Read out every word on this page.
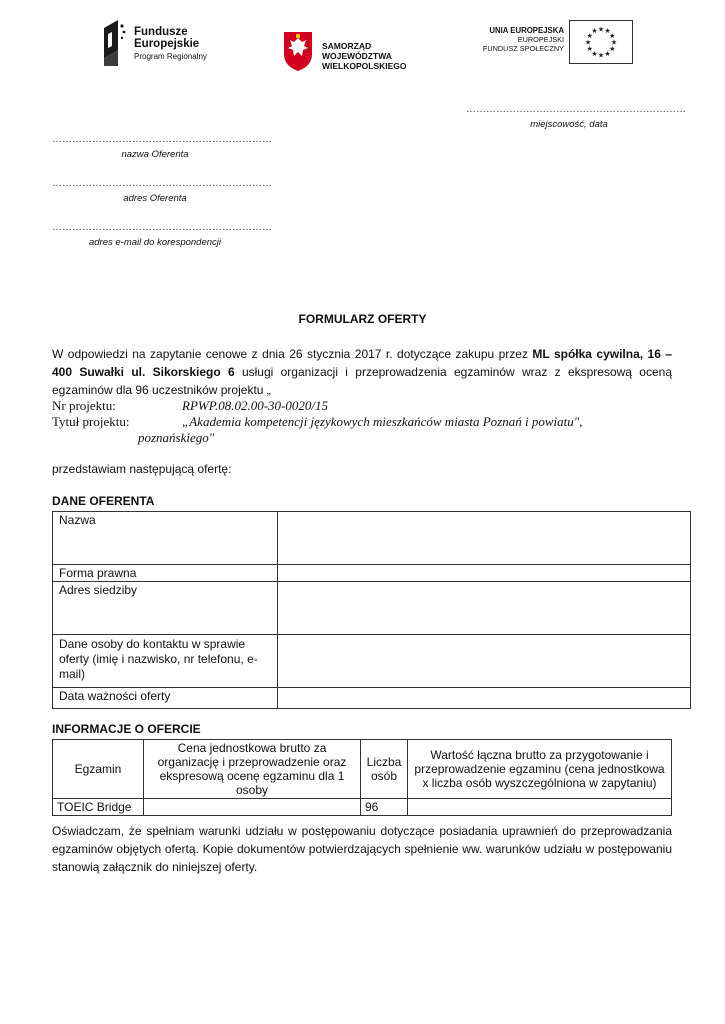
Fundusze
Europejskie
Program Regionalny
SAMORZĄD WOJEWÓDZTWA
WIELKOPOLSKIEGO
UNIA EUROPEJSKA
EUROPEJSKI
FUNDUSZ SPOŁECZNY
★ ★
★
★
★
★
★
★
★
★
★
★
…………………………………………………………
miejscowość, data
…………………………………………………………
nazwa Oferenta
…………………………………………………………
adres Oferenta
…………………………………………………………
adres e-mail do korespondencji
FORMULARZ OFERTY
W odpowiedzi na zapytanie cenowe z dnia 26 stycznia 2017 r. dotyczące zakupu przez ML spółka cywilna, 16 – 400 Suwałki ul. Sikorskiego 6 usługi organizacji i przeprowadzenia egzaminów wraz z ekspresową oceną egzaminów dla 96 uczestników projektu „
Nr projektu:	RPWP.08.02.00-30-0020/15
Tytuł projektu:	„Akademia kompetencji językowych mieszkańców miasta Poznań i powiatu",
poznańskiego"
przedstawiam następującą ofertę:
DANE OFERENTA
Nazwa	
Forma prawna	
Adres siedziby	
Dane osoby do kontaktu w sprawie oferty (imię i nazwisko, nr telefonu, e-mail)	
Data ważności oferty	
INFORMACJE O OFERCIE
Egzamin	Cena jednostkowa brutto za organizację i przeprowadzenie oraz ekspresową ocenę egzaminu dla 1 osoby	Liczba osób	Wartość łączna brutto za przygotowanie i przeprowadzenie egzaminu (cena jednostkowa x liczba osób wyszczególniona w zapytaniu)
TOEIC Bridge		96	
Oświadczam, że spełniam warunki udziału w postępowaniu dotyczące posiadania uprawnień do przeprowadzania egzaminów objętych ofertą. Kopie dokumentów potwierdzających spełnienie ww. warunków udziału w postępowaniu stanowią załącznik do niniejszej oferty.
